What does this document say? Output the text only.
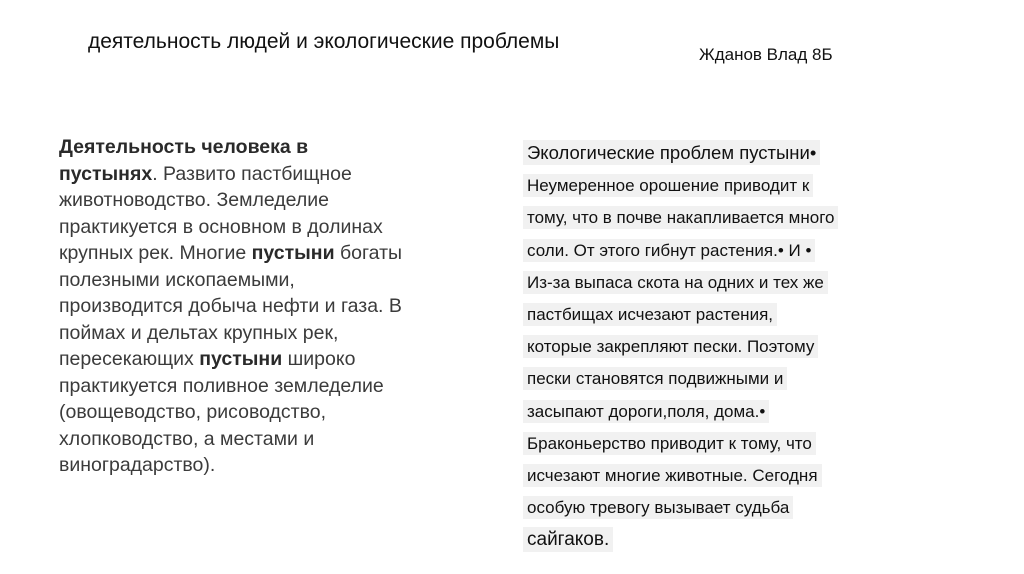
деятельность людей и экологические проблемы
Жданов Влад 8Б
Деятельность человека в пустынях. Развито пастбищное животноводство. Земледелие практикуется в основном в долинах крупных рек. Многие пустыни богаты полезными ископаемыми, производится добыча нефти и газа. В поймах и дельтах крупных рек, пересекающих пустыни широко практикуется поливное земледелие (овощеводство, рисоводство, хлопководство, а местами и виноградарство).
Экологические проблем пустыни•
Неумеренное орошение приводит к
тому, что в почве накапливается много
соли. От этого гибнут растения.• И •
Из-за выпаса скота на одних и тех же
пастбищах исчезают растения,
которые закрепляют пески. Поэтому
пески становятся подвижными и
засыпают дороги,поля, дома.•
Браконьерство приводит к тому, что
исчезают многие животные. Сегодня
особую тревогу вызывает судьба
сайгаков.
